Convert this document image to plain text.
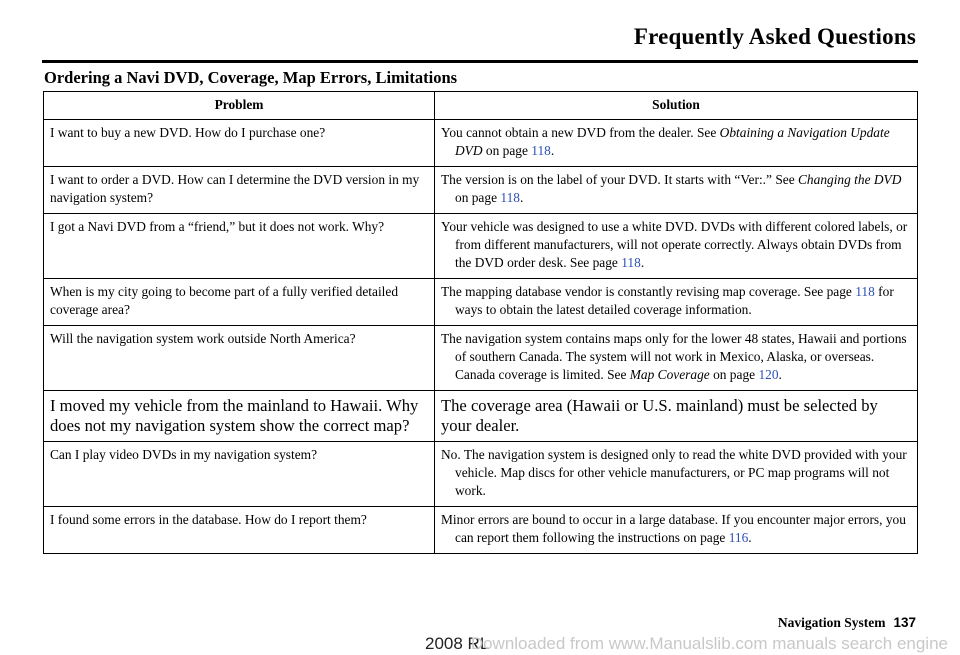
Frequently Asked Questions
Ordering a Navi DVD, Coverage, Map Errors, Limitations
Problem	Solution
I want to buy a new DVD. How do I purchase one?	You cannot obtain a new DVD from the dealer. See Obtaining a Navigation Update DVD on page 118.

I want to order a DVD. How can I determine the DVD version in my navigation system?	The version is on the label of your DVD. It starts with “Ver:.” See Changing the DVD on page 118.

I got a Navi DVD from a “friend,” but it does not work. Why?	Your vehicle was designed to use a white DVD. DVDs with different colored labels, or from different manufacturers, will not operate correctly. Always obtain DVDs from the DVD order desk. See page 118.

When is my city going to become part of a fully verified detailed coverage area?	The mapping database vendor is constantly revising map coverage. See page 118 for ways to obtain the latest detailed coverage information.

Will the navigation system work outside North America?	The navigation system contains maps only for the lower 48 states, Hawaii and portions of southern Canada. The system will not work in Mexico, Alaska, or overseas. Canada coverage is limited. See Map Coverage on page 120.

I moved my vehicle from the mainland to Hawaii. Why does not my navigation system show the correct map?	The coverage area (Hawaii or U.S. mainland) must be selected by your dealer.

Can I play video DVDs in my navigation system?	No. The navigation system is designed only to read the white DVD provided with your vehicle. Map discs for other vehicle manufacturers, or PC map programs will not work.

I found some errors in the database. How do I report them?	Minor errors are bound to occur in a large database. If you encounter major errors, you can report them following the instructions on page 116.
Navigation System 137
2008 RL
Downloaded from www.Manualslib.com manuals search engine
